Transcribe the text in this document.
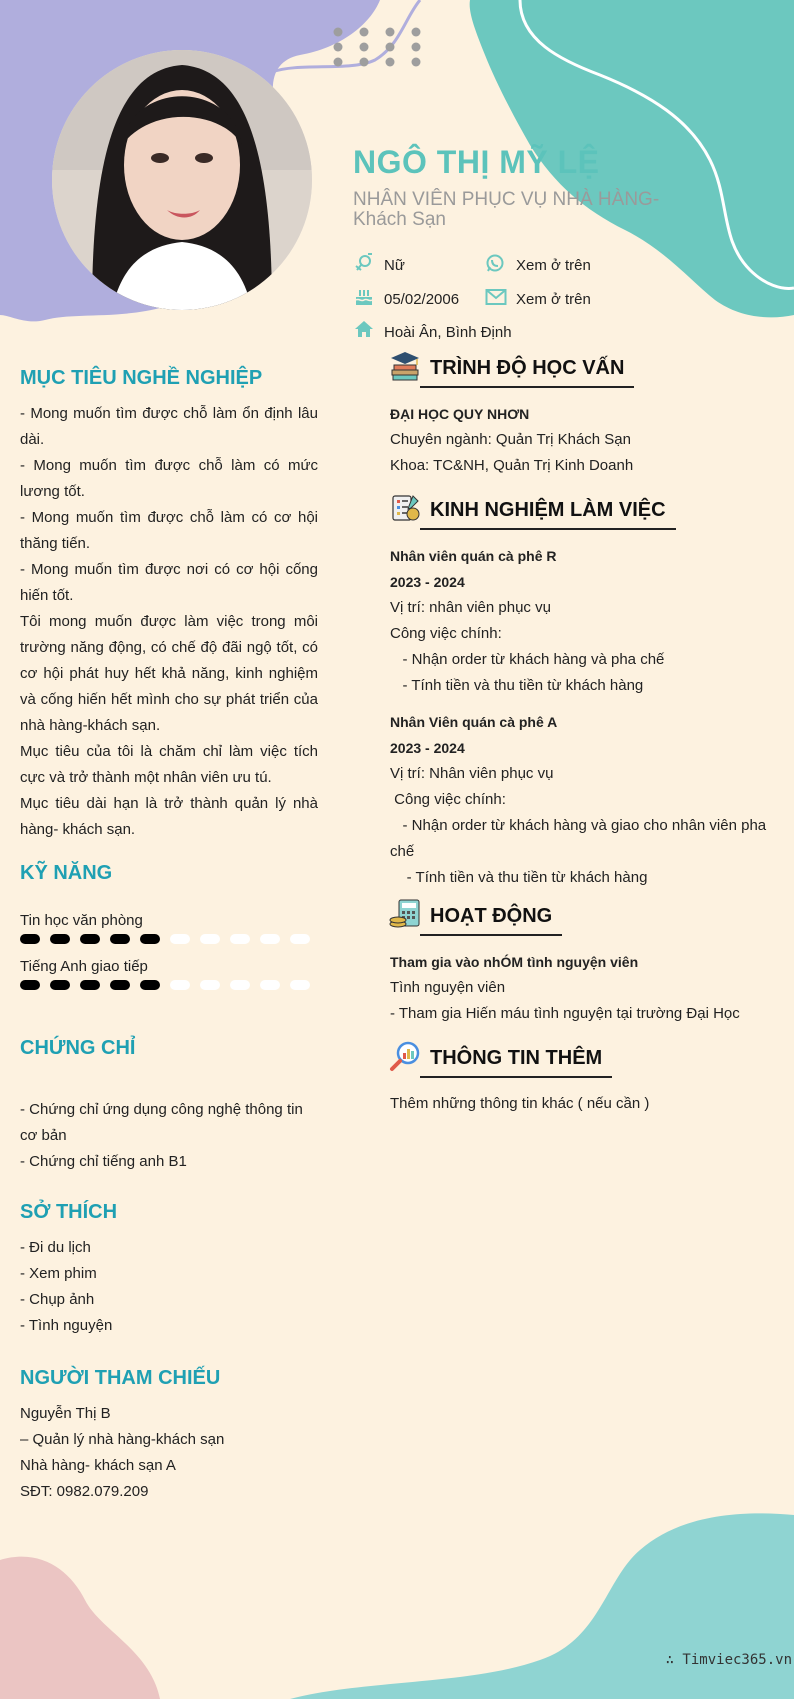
NGÔ THỊ MỸ LỆ
NHÂN VIÊN PHỤC VỤ NHÀ HÀNG- Khách Sạn
Nữ	Xem ở trên
05/02/2006	Xem ở trên
Hoài Ân, Bình Định
MỤC TIÊU NGHỀ NGHIỆP

- Mong muốn tìm được chỗ làm ổn định lâu dài.

- Mong muốn tìm được chỗ làm có mức lương tốt.

- Mong muốn tìm được chỗ làm có cơ hội thăng tiến.

- Mong muốn tìm được nơi có cơ hội cống hiến tốt.

Tôi mong muốn được làm việc trong môi trường năng động, có chế độ đãi ngộ tốt, có cơ hội phát huy hết khả năng, kinh nghiệm và cống hiến hết mình cho sự phát triển của nhà hàng-khách sạn.

Mục tiêu của tôi là chăm chỉ làm việc tích cực và trở thành một nhân viên ưu tú.

Mục tiêu dài hạn là trở thành quản lý nhà hàng- khách sạn.

KỸ NĂNG
Tin học văn phòng
Tiếng Anh giao tiếp
CHỨNG CHỈ

- Chứng chỉ ứng dụng công nghệ thông tin cơ bản

- Chứng chỉ tiếng anh B1

SỞ THÍCH

- Đi du lịch

- Xem phim

- Chụp ảnh

- Tình nguyện

NGƯỜI THAM CHIẾU

Nguyễn Thị B

– Quản lý nhà hàng-khách sạn

Nhà hàng- khách sạn A

SĐT: 0982.079.209

TRÌNH ĐỘ HỌC VẤN

ĐẠI HỌC QUY NHƠN

Chuyên ngành: Quản Trị Khách Sạn

Khoa: TC&NH, Quản Trị Kinh Doanh

KINH NGHIỆM LÀM VIỆC

Nhân viên quán cà phê R

2023 - 2024

Vị trí: nhân viên phục vụ

Công việc chính:

- Nhận order từ khách hàng và pha chế

- Tính tiền và thu tiền từ khách hàng

Nhân Viên quán cà phê A

2023 - 2024

Vị trí: Nhân viên phục vụ

Công việc chính:

- Nhận order từ khách hàng và giao cho nhân viên pha chế

- Tính tiền và thu tiền từ khách hàng

HOẠT ĐỘNG

Tham gia vào nhÓM tình nguyện viên

Tình nguyện viên

- Tham gia Hiến máu tình nguyện tại trường Đại Học

THÔNG TIN THÊM

Thêm những thông tin khác ( nếu cần )

∴ Timviec365.vn
